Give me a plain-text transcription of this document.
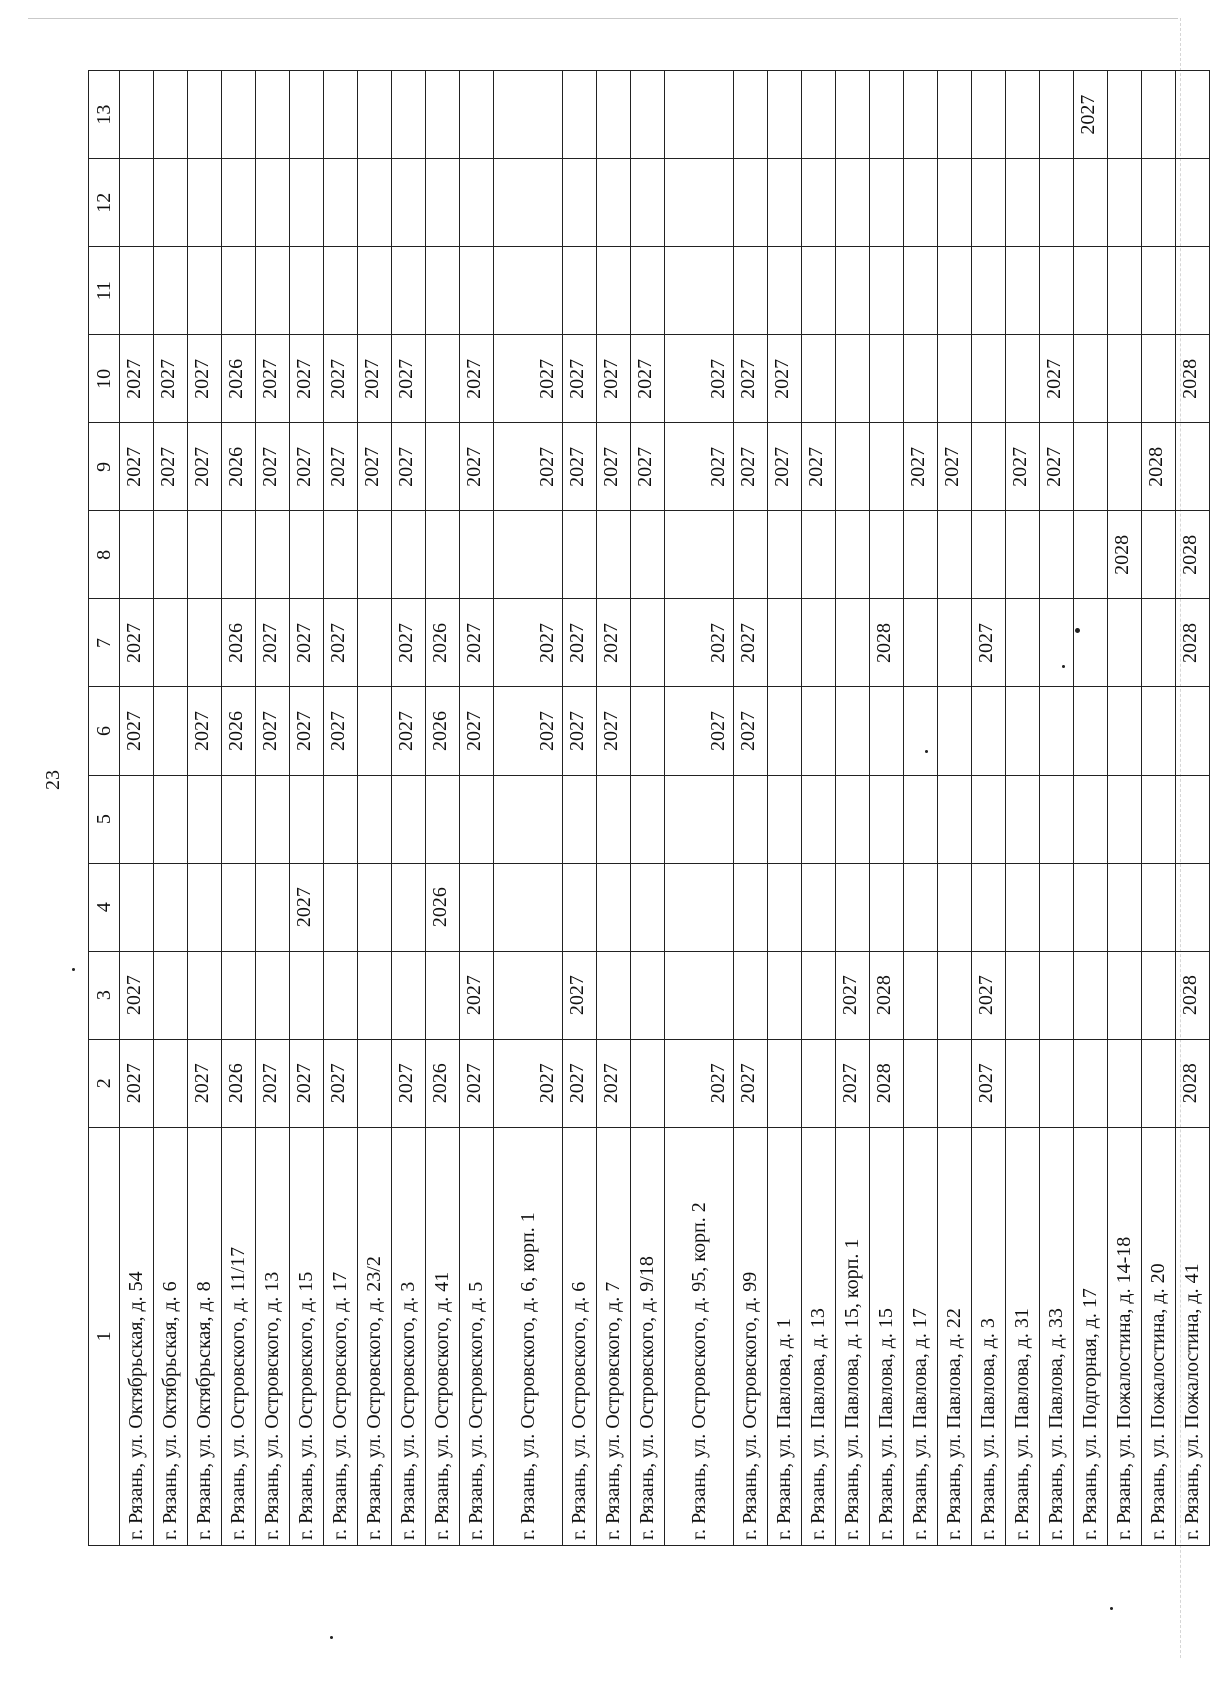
23
1	2	3	4	5	6	7	8	9	10	11	12	13
г. Рязань, ул. Октябрьская, д. 54	2027	2027			2027	2027		2027	2027			
г. Рязань, ул. Октябрьская, д. 6								2027	2027			
г. Рязань, ул. Октябрьская, д. 8	2027				2027			2027	2027			
г. Рязань, ул. Островского, д. 11/17	2026				2026	2026		2026	2026			
г. Рязань, ул. Островского, д. 13	2027				2027	2027		2027	2027			
г. Рязань, ул. Островского, д. 15	2027		2027		2027	2027		2027	2027			
г. Рязань, ул. Островского, д. 17	2027				2027	2027		2027	2027			
г. Рязань, ул. Островского, д. 23/2								2027	2027			
г. Рязань, ул. Островского, д. 3	2027				2027	2027		2027	2027			
г. Рязань, ул. Островского, д. 41	2026		2026		2026	2026						
г. Рязань, ул. Островского, д. 5	2027	2027			2027	2027		2027	2027			
г. Рязань, ул. Островского, д. 6, корп. 1	2027				2027	2027		2027	2027			
г. Рязань, ул. Островского, д. 6	2027	2027			2027	2027		2027	2027			
г. Рязань, ул. Островского, д. 7	2027				2027	2027		2027	2027			
г. Рязань, ул. Островского, д. 9/18								2027	2027			
г. Рязань, ул. Островского, д. 95, корп. 2	2027				2027	2027		2027	2027			
г. Рязань, ул. Островского, д. 99	2027				2027	2027		2027	2027			
г. Рязань, ул. Павлова, д. 1								2027	2027			
г. Рязань, ул. Павлова, д. 13								2027				
г. Рязань, ул. Павлова, д. 15, корп. 1	2027	2027										
г. Рязань, ул. Павлова, д. 15	2028	2028				2028						
г. Рязань, ул. Павлова, д. 17								2027				
г. Рязань, ул. Павлова, д. 22								2027				
г. Рязань, ул. Павлова, д. 3	2027	2027				2027						
г. Рязань, ул. Павлова, д. 31								2027				
г. Рязань, ул. Павлова, д. 33								2027	2027			
г. Рязань, ул. Подгорная, д. 17												2027
г. Рязань, ул. Пожалостина, д. 14-18							2028					
г. Рязань, ул. Пожалостина, д. 20								2028				
г. Рязань, ул. Пожалостина, д. 41	2028	2028				2028	2028		2028			
